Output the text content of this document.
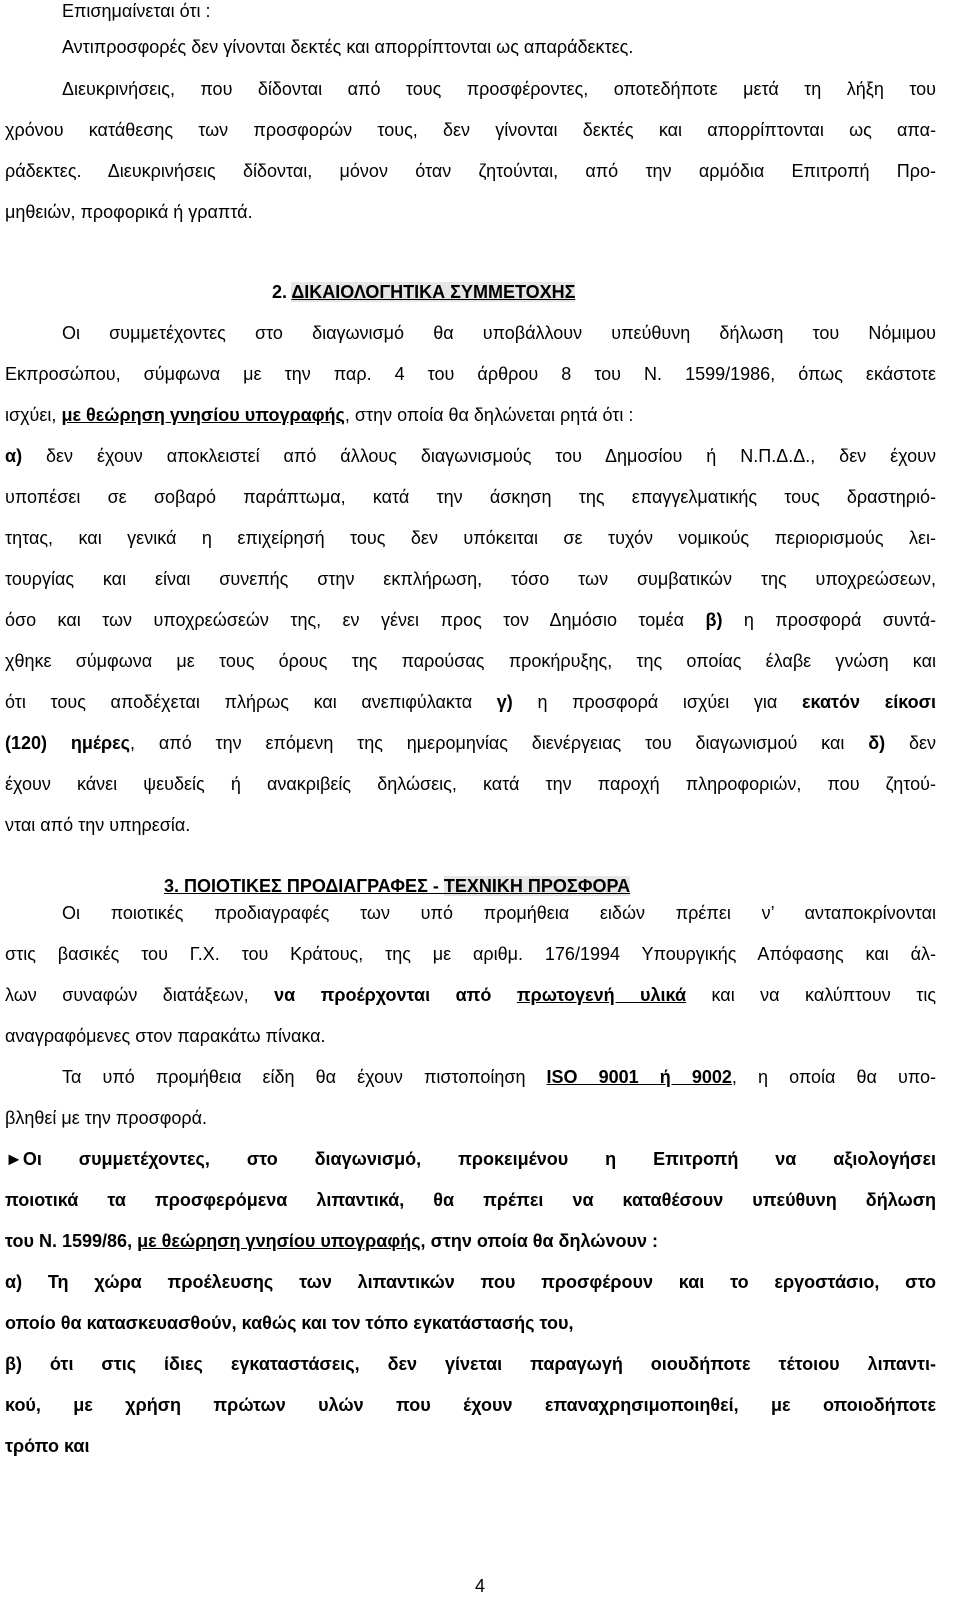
Επισημαίνεται ότι :
Αντιπροσφορές δεν γίνονται δεκτές και απορρίπτονται ως απαράδεκτες.
Διευκρινήσεις, που δίδονται από τους προσφέροντες, οποτεδήποτε μετά τη λήξη του
χρόνου κατάθεσης των προσφορών τους, δεν γίνονται δεκτές και απορρίπτονται ως απα-
ράδεκτες. Διευκρινήσεις δίδονται, μόνον όταν ζητούνται, από την αρμόδια Επιτροπή Προ-
μηθειών, προφορικά ή γραπτά.
2. ΔΙΚΑΙΟΛΟΓΗΤΙΚΑ ΣΥΜΜΕΤΟΧΗΣ
Οι συμμετέχοντες στο διαγωνισμό θα υποβάλλουν υπεύθυνη δήλωση του Νόμιμου
Εκπροσώπου, σύμφωνα με την παρ. 4 του άρθρου 8 του Ν. 1599/1986, όπως εκάστοτε
ισχύει, με θεώρηση γνησίου υπογραφής, στην οποία θα δηλώνεται ρητά ότι :
α) δεν έχουν αποκλειστεί από άλλους διαγωνισμούς του Δημοσίου ή Ν.Π.Δ.Δ., δεν έχουν
υποπέσει σε σοβαρό παράπτωμα, κατά την άσκηση της επαγγελματικής τους δραστηριό-
τητας, και γενικά η επιχείρησή τους δεν υπόκειται σε τυχόν νομικούς περιορισμούς λει-
τουργίας και είναι συνεπής στην εκπλήρωση, τόσο των συμβατικών της υποχρεώσεων,
όσο και των υποχρεώσεών της, εν γένει προς τον Δημόσιο τομέα β) η προσφορά συντά-
χθηκε σύμφωνα με τους όρους της παρούσας προκήρυξης, της οποίας έλαβε γνώση και
ότι τους αποδέχεται πλήρως και ανεπιφύλακτα γ) η προσφορά ισχύει για εκατόν είκοσι
(120) ημέρες, από την επόμενη της ημερομηνίας διενέργειας του διαγωνισμού και δ) δεν
έχουν κάνει ψευδείς ή ανακριβείς δηλώσεις, κατά την παροχή πληροφοριών, που ζητού-
νται από την υπηρεσία.
3. ΠΟΙΟΤΙΚΕΣ ΠΡΟΔΙΑΓΡΑΦΕΣ - ΤΕΧΝΙΚΗ ΠΡΟΣΦΟΡΑ
Οι ποιοτικές προδιαγραφές των υπό προμήθεια ειδών πρέπει ν’ ανταποκρίνονται
στις βασικές του Γ.Χ. του Κράτους, της με αριθμ. 176/1994 Υπουργικής Απόφασης και άλ-
λων συναφών διατάξεων, να προέρχονται από πρωτογενή υλικά και να καλύπτουν τις
αναγραφόμενες στον παρακάτω πίνακα.
Τα υπό προμήθεια είδη θα έχουν πιστοποίηση ISO 9001 ή 9002, η οποία θα υπο-
βληθεί με την προσφορά.
►Οι συμμετέχοντες, στο διαγωνισμό, προκειμένου η Επιτροπή να αξιολογήσει
ποιοτικά τα προσφερόμενα λιπαντικά, θα πρέπει να καταθέσουν υπεύθυνη δήλωση
του Ν. 1599/86, με θεώρηση γνησίου υπογραφής, στην οποία θα δηλώνουν :
α) Τη χώρα προέλευσης των λιπαντικών που προσφέρουν και το εργοστάσιο, στο
οποίο θα κατασκευασθούν, καθώς και τον τόπο εγκατάστασής του,
β) ότι στις ίδιες εγκαταστάσεις, δεν γίνεται παραγωγή οιουδήποτε τέτοιου λιπαντι-
κού, με χρήση πρώτων υλών που έχουν επαναχρησιμοποιηθεί, με οποιοδήποτε
τρόπο και
4
